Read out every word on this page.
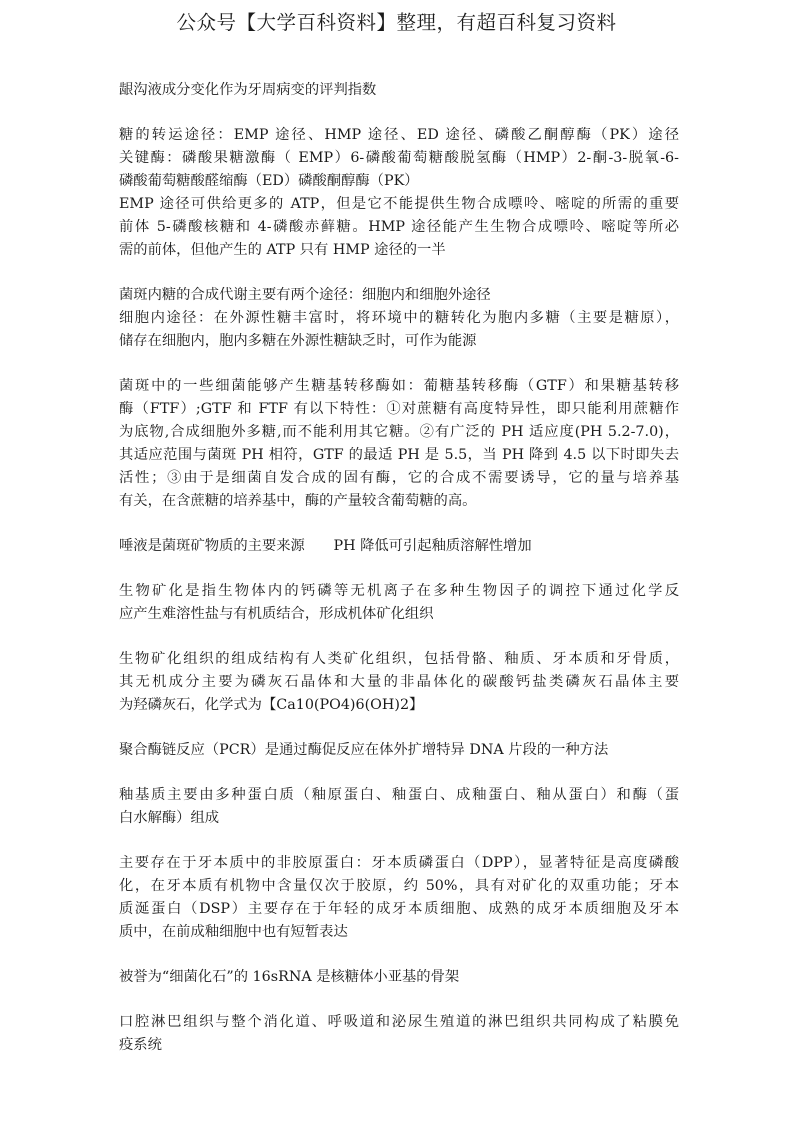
公众号【大学百科资料】整理，有超百科复习资料

龈沟液成分变化作为牙周病变的评判指数

糖的转运途径：EMP 途径、HMP 途径、ED 途径、磷酸乙酮醇酶（PK）途径
关键酶：磷酸果糖激酶（ EMP）6-磷酸葡萄糖酸脱氢酶（HMP）2-酮-3-脱氧-6-
磷酸葡萄糖酸醛缩酶（ED）磷酸酮醇酶（PK）
EMP 途径可供给更多的 ATP，但是它不能提供生物合成嘌呤、嘧啶的所需的重要
前体 5-磷酸核糖和 4-磷酸赤藓糖。HMP 途径能产生生物合成嘌呤、嘧啶等所必
需的前体，但他产生的 ATP 只有 HMP 途径的一半

菌斑内糖的合成代谢主要有两个途径：细胞内和细胞外途径
细胞内途径：在外源性糖丰富时，将环境中的糖转化为胞内多糖（主要是糖原），
储存在细胞内，胞内多糖在外源性糖缺乏时，可作为能源

菌斑中的一些细菌能够产生糖基转移酶如：葡糖基转移酶（GTF）和果糖基转移
酶（FTF）;GTF 和 FTF 有以下特性：①对蔗糖有高度特异性，即只能利用蔗糖作
为底物,合成细胞外多糖,而不能利用其它糖。②有广泛的 PH 适应度(PH 5.2-7.0)，
其适应范围与菌斑 PH 相符，GTF 的最适 PH 是 5.5，当 PH 降到 4.5 以下时即失去
活性；③由于是细菌自发合成的固有酶，它的合成不需要诱导，它的量与培养基
有关，在含蔗糖的培养基中，酶的产量较含葡萄糖的高。

唾液是菌斑矿物质的主要来源　　PH 降低可引起釉质溶解性增加

生物矿化是指生物体内的钙磷等无机离子在多种生物因子的调控下通过化学反
应产生难溶性盐与有机质结合，形成机体矿化组织

生物矿化组织的组成结构有人类矿化组织，包括骨骼、釉质、牙本质和牙骨质，
其无机成分主要为磷灰石晶体和大量的非晶体化的碳酸钙盐类磷灰石晶体主要
为羟磷灰石，化学式为【Ca10(PO4)6(OH)2】

聚合酶链反应（PCR）是通过酶促反应在体外扩增特异 DNA 片段的一种方法

釉基质主要由多种蛋白质（釉原蛋白、釉蛋白、成釉蛋白、釉从蛋白）和酶（蛋
白水解酶）组成

主要存在于牙本质中的非胶原蛋白：牙本质磷蛋白（DPP），显著特征是高度磷酸
化，在牙本质有机物中含量仅次于胶原，约 50%，具有对矿化的双重功能；牙本
质涎蛋白（DSP）主要存在于年轻的成牙本质细胞、成熟的成牙本质细胞及牙本
质中，在前成釉细胞中也有短暂表达

被誉为“细菌化石”的 16sRNA 是核糖体小亚基的骨架

口腔淋巴组织与整个消化道、呼吸道和泌尿生殖道的淋巴组织共同构成了粘膜免
疫系统
